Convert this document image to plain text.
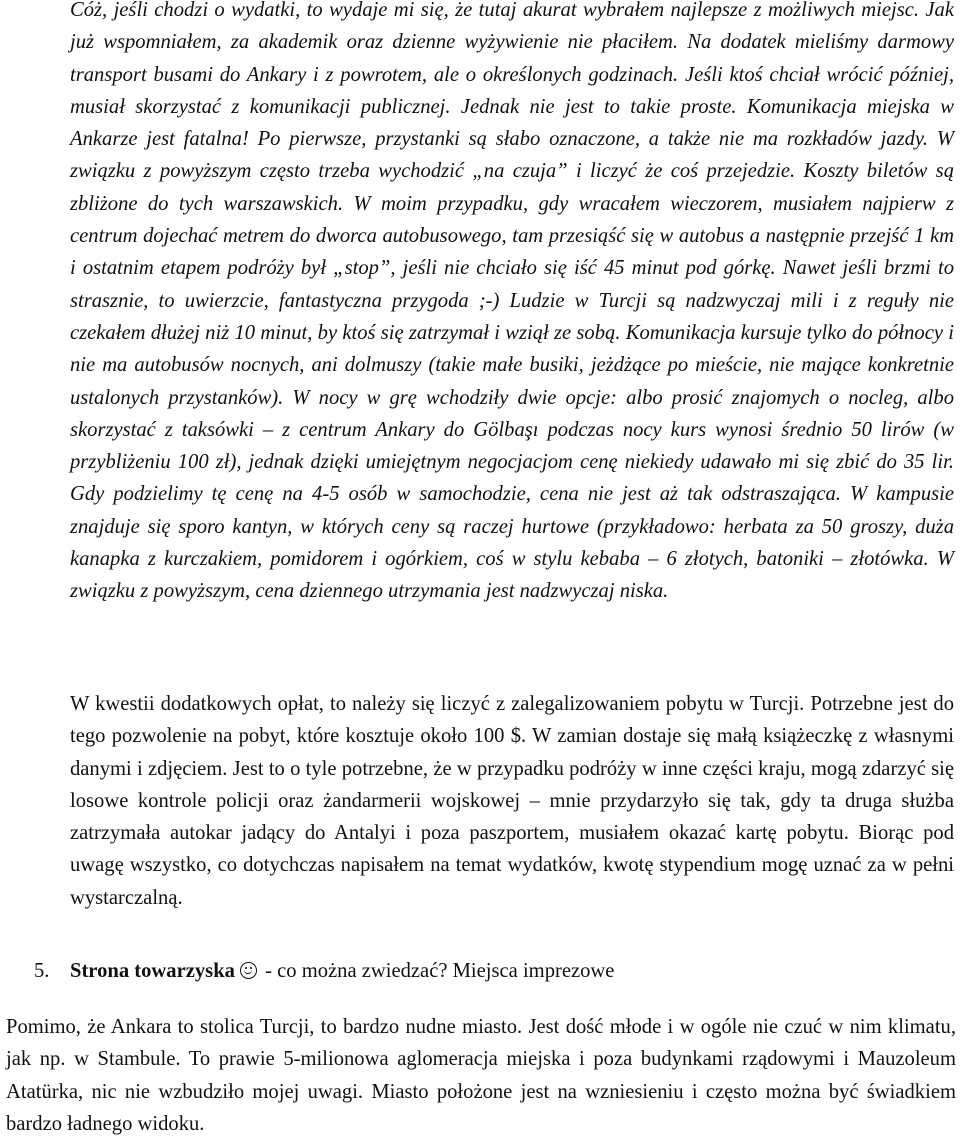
Cóż, jeśli chodzi o wydatki, to wydaje mi się, że tutaj akurat wybrałem najlepsze z możliwych miejsc. Jak już wspomniałem, za akademik oraz dzienne wyżywienie nie płaciłem. Na dodatek mieliśmy darmowy transport busami do Ankary i z powrotem, ale o określonych godzinach. Jeśli ktoś chciał wrócić później, musiał skorzystać z komunikacji publicznej. Jednak nie jest to takie proste. Komunikacja miejska w Ankarze jest fatalna! Po pierwsze, przystanki są słabo oznaczone, a także nie ma rozkładów jazdy. W związku z powyższym często trzeba wychodzić „na czuja” i liczyć że coś przejedzie. Koszty biletów są zbliżone do tych warszawskich. W moim przypadku, gdy wracałem wieczorem, musiałem najpierw z centrum dojechać metrem do dworca autobusowego, tam przesiąść się w autobus a następnie przejść 1 km i ostatnim etapem podróży był „stop”, jeśli nie chciało się iść 45 minut pod górkę. Nawet jeśli brzmi to strasznie, to uwierzcie, fantastyczna przygoda ;-) Ludzie w Turcji są nadzwyczaj mili i z reguły nie czekałem dłużej niż 10 minut, by ktoś się zatrzymał i wziął ze sobą. Komunikacja kursuje tylko do północy i nie ma autobusów nocnych, ani dolmuszy (takie małe busiki, jeżdżące po mieście, nie mające konkretnie ustalonych przystanków). W nocy w grę wchodziły dwie opcje: albo prosić znajomych o nocleg, albo skorzystać z taksówki – z centrum Ankary do Gölbaşı podczas nocy kurs wynosi średnio 50 lirów (w przybliżeniu 100 zł), jednak dzięki umiejętnym negocjacjom cenę niekiedy udawało mi się zbić do 35 lir. Gdy podzielimy tę cenę na 4-5 osób w samochodzie, cena nie jest aż tak odstraszająca. W kampusie znajduje się sporo kantyn, w których ceny są raczej hurtowe (przykładowo: herbata za 50 groszy, duża kanapka z kurczakiem, pomidorem i ogórkiem, coś w stylu kebaba – 6 złotych, batoniki – złotówka. W związku z powyższym, cena dziennego utrzymania jest nadzwyczaj niska.

W kwestii dodatkowych opłat, to należy się liczyć z zalegalizowaniem pobytu w Turcji. Potrzebne jest do tego pozwolenie na pobyt, które kosztuje około 100 $. W zamian dostaje się małą książeczkę z własnymi danymi i zdjęciem. Jest to o tyle potrzebne, że w przypadku podróży w inne części kraju, mogą zdarzyć się losowe kontrole policji oraz żandarmerii wojskowej – mnie przydarzyło się tak, gdy ta druga służba zatrzymała autokar jadący do Antalyi i poza paszportem, musiałem okazać kartę pobytu. Biorąc pod uwagę wszystko, co dotychczas napisałem na temat wydatków, kwotę stypendium mogę uznać za w pełni wystarczalną.

5. Strona towarzyska
- co można zwiedzać? Miejsca imprezowe

Pomimo, że Ankara to stolica Turcji, to bardzo nudne miasto. Jest dość młode i w ogóle nie czuć w nim klimatu, jak np. w Stambule. To prawie 5-milionowa aglomeracja miejska i poza budynkami rządowymi i Mauzoleum Atatürka, nic nie wzbudziło mojej uwagi. Miasto położone jest na wzniesieniu i często można być świadkiem bardzo ładnego widoku.
